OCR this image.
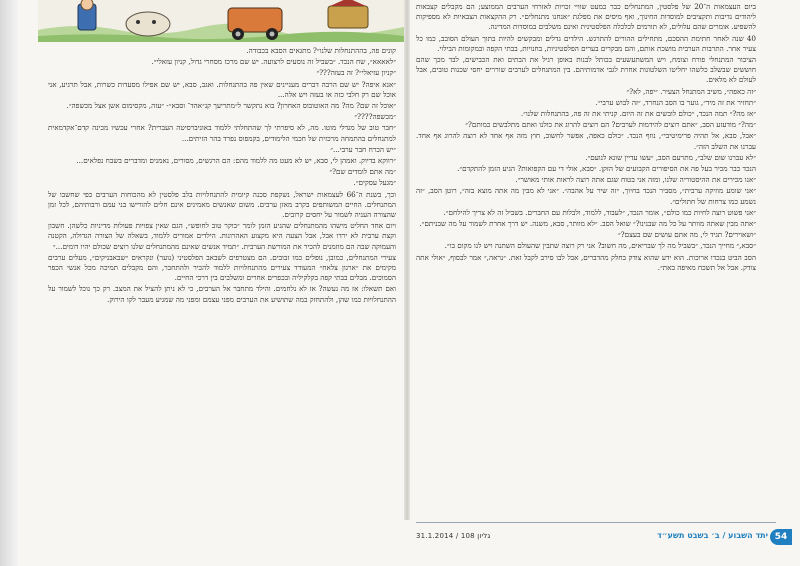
קונים פה, בההתנחלות שלנו״? מתגאים הסבא בכבודה.

״לאאאא״, שח הנכד. ״בשביל זה נוסעים לרצועה. יש שם מרכז מסחרי גדול, קניון עזאלי״.

״קניון עזיאלי״? זה בעזה???״

״אנא איפה? יש שם הרבה דברים מעניינים שאין פה בהתנחלות. ואגב, סבא, יש שם אפילו מסעדות כשרות, אבל תרגיע, אני אוכל שם רק חלבי כזה או בעזה ויש אלה...

״אוכל זה שם? מה? מה האוטובוס האחרון? בוא נתקשר ל״מתריעך קנ״אהד־ וסבא״- ״עזה, מקסימום אשן אצל מכשפה״.

״מכשפה????״

״חבר טוב של מגדלי מוטו. מה, לא סיפרתי לך שהתחלתי ללמוד באוניברסיטה העברית? אחרי עכשיו מכינה קדם־אקדמאית למתנחלים בהתמחה מרכזית של חכמי הלימודים, בקמפוס נפרד בהר הזיתים...

״יש הכרח חבר ערבי...״

״רווקא בדיוק. ואמהן לי, סבא, יש לא מעט מה ללמוד מהם: הם הרגשים, מסורים, נאמנים ומדברים בשבח נפלאים...

״מה אתם לומדים שם?״

״מגעל עסקים״.

וכך, בשנת ה־66 לעצמאות ישראל, נשקפת סכנה קיומית להתנחלויות בלב פלסטין לא מהכוחות הערבים כפי שחשבו של המתנחלים. החיים המשותפים בקרב מאזן ערבים. משום שאנשים מאמינים אינם חלים להורישו בני עמם ורבותיהם, לכל זמן שהצורה העניה לשמור על יחסים קרובים.

ויום אחד החליט מישהו מהמתנחלים שהגיע הזמן לומר ״בוקר טוב לחופש״, הגם שאין צפויות פעולות מדיניות כלשהן. חשבון וקצת ערבית לא ירדו אבל, אבל הצעה היא מקצוע האהרונות. הילדים אמורים ללמוד, בשאלה של הצורה הגדולה, הקטנה והעמוקה שבה הם מוזמנים להכיר את המורשת הערבית. ״תמיד אנשים שאינם מהמתנחלים שלנו רוצים שכולם יהיו דומים...״

צעירי המתנחלים, כמובן, נופלים כמו זבובים. הם מצטרפים לשבאב הפלסטיני (נוער) ונקראים ״שבאבניקים״, מעלים ערבים מקימים את ״ארגון צלאח״ המעודד צעירים מהתנחלויות ללמוד להכיר ולהתחבר, והם מקבלים תמיכה מכל אנשי הכפר הסמוכים. מבלים בבתי קפה בקלקיליה ובכפרים אחרים ומשלבים בין דרכי החיים.

ואם תשאלו: אז מה נעשה? אז לא נלחמים. והילד מתחבר אל הערבים, כי לא ניתן להציל את המצב. רק כך נוכל לשמור על ההתנחלויות כמו שהן, ולהתחזק במה שתושיע את הערבים מפני עצמם ומפני מה שמגיע מעבר לקו הירוק.

ביום העצמאות ה־20 של פלסטין, המתנחלים כבר כמעט שוויי זכויות לאזרחי הערבים הממוצע; הם מקבלים קצבאות ליהודים נדיבות ותקציבים למוסדות החינוך, ואף מיסים את מפלגת ״אנחנו מתנחלים״. רק ההקצאות הצבאיות לא מספיקות להשפיע. אומרים שהם עלולים, לא תורמים לכלכלה הפלסטינית ואינם משלבים במוסדות המדינה.

40 שנה לאחר חתימת ההסכם, מתחילים ההורים להתרגש. הילדים גדלים ומבקשים להיות בתוך העולם הסובב, כמו כל צעיר אחר. התרבות הערבית מושכת אותם, והם מבקרים בערים הפלסטיניות, בחנויות, בבתי הקפה ובמקומות הבילוי.

הציבור המתנחלי פורח וצומח, ויש המשתעשעים בכותל לבנות באופן רגיל את הבתים ואת הכבישים, לבד מכך שהם חוששים שבשלב כלשהו יחליטו השלטונות אחרת לגבי אדמותיהם. בין המתנחלים לערבים שוררים יחסי שכנות טובים, אבל לעולם לא מלאים.

״זה כאפה״, משיב המתנחל הצעיר. ״יפה, לא?״

״תחזיר את זה מיד״, גוער בו הסב הנחרד, ״זה לבוש ערבי״.

״אז מה?״ תמה הנכד, ״כולם לובשים את זה היום. קניתי את זה פה, בהתנחלות שלנו״.

״מה?״ מודעזע הסב, ״אתם רוצים להידמות לערבים? הם רוצים להרוג את כולנו ואתם מתלבשים כמותם?״

״אבל, סבא, אל תהיה פרימיטיבי״, נוזף הנכד. ״כולם כאפה, אפשר לחשוב, חוץ מזה אף אחד לא רוצה להרוג אף אחד. עברנו את השלב הזה״.

״לא עברנו שום שלב״, מתרעם הסב, ״עשו עדיין שונא לנועם״.

הנכד כבר מכיר בעל פה את הסיפורים הקבועים של הזקן. ״סבא, אולי די עם הקפואות? הגיע הזמן להתקדם״.

״אנו מכירים את ההיסטוריה שלנו, ומזה אני בטוח שגם אתה רוצה לראות אותי מאושר״.

״אני שומע מוזיקה ערבית״, מסביר הנכד בחיוך, ״זה שיר על אהבה״. ״אני לא מבין מה אתה מוצא בזה״, רוטן הסב, ״זה נשמע כמו צרחות של חתולים״.

״אני פשוט רוצה לחיות כמו כולם״, אומר הנכד, ״לעבוד, ללמוד, ולבלות עם החברים. בשביל זה לא צריך להילחם״.

״אתה מבין שאתה מוותר על כל מה שבנינו?״ שואל הסב. ״לא מוותר, סבא, משנה. יש דרך אחרת לשמור על מה שבניתם״.

״ושאוירים? תגיד לי, מה אתם עושים שם בעצם?״

״סבא,״ מחייך הנכד, ״בשביל מה לך שבריאים, מה חשוב? אני רק רוצה שתבין שהעולם השתנה ויש לנו מקום בו״.

הסב הביט בנכדו ארוכות. הוא ידע שהוא צודק בחלק מהדברים, אבל לבו סירב לקבל זאת. ״נראה,״ אמר לבסוף, ״אולי אתה צודק. אבל אל תשכח מאיפה באת״.

31.1.2014 / 108 גליון	יתד השבוע / ב׳ בשבט תשע״ד 54
